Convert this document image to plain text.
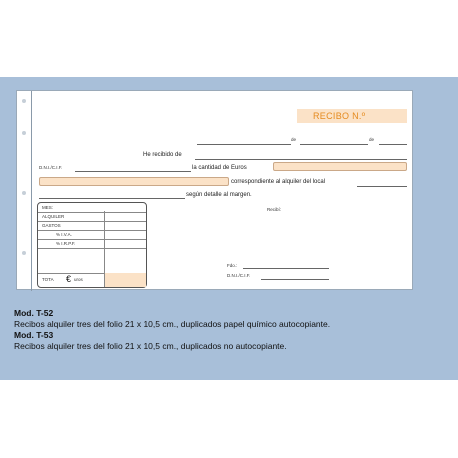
RECIBO N.º
de	de
He recibido de
D.N.I./C.I.F.	la cantidad de Euros
correspondiente al alquiler del local
según detalle al margen.
Recibí:
Fdo.:
D.N.I./C.I.F.
MES:
ALQUILER
GASTOS
% I.V.A.
% I.R.P.F.
TOTA € uros
Mod. T-52
Recibos alquiler tres del folio 21 x 10,5 cm., duplicados papel químico autocopiante.
Mod. T-53
Recibos alquiler tres del folio 21 x 10,5 cm., duplicados no autocopiante.
